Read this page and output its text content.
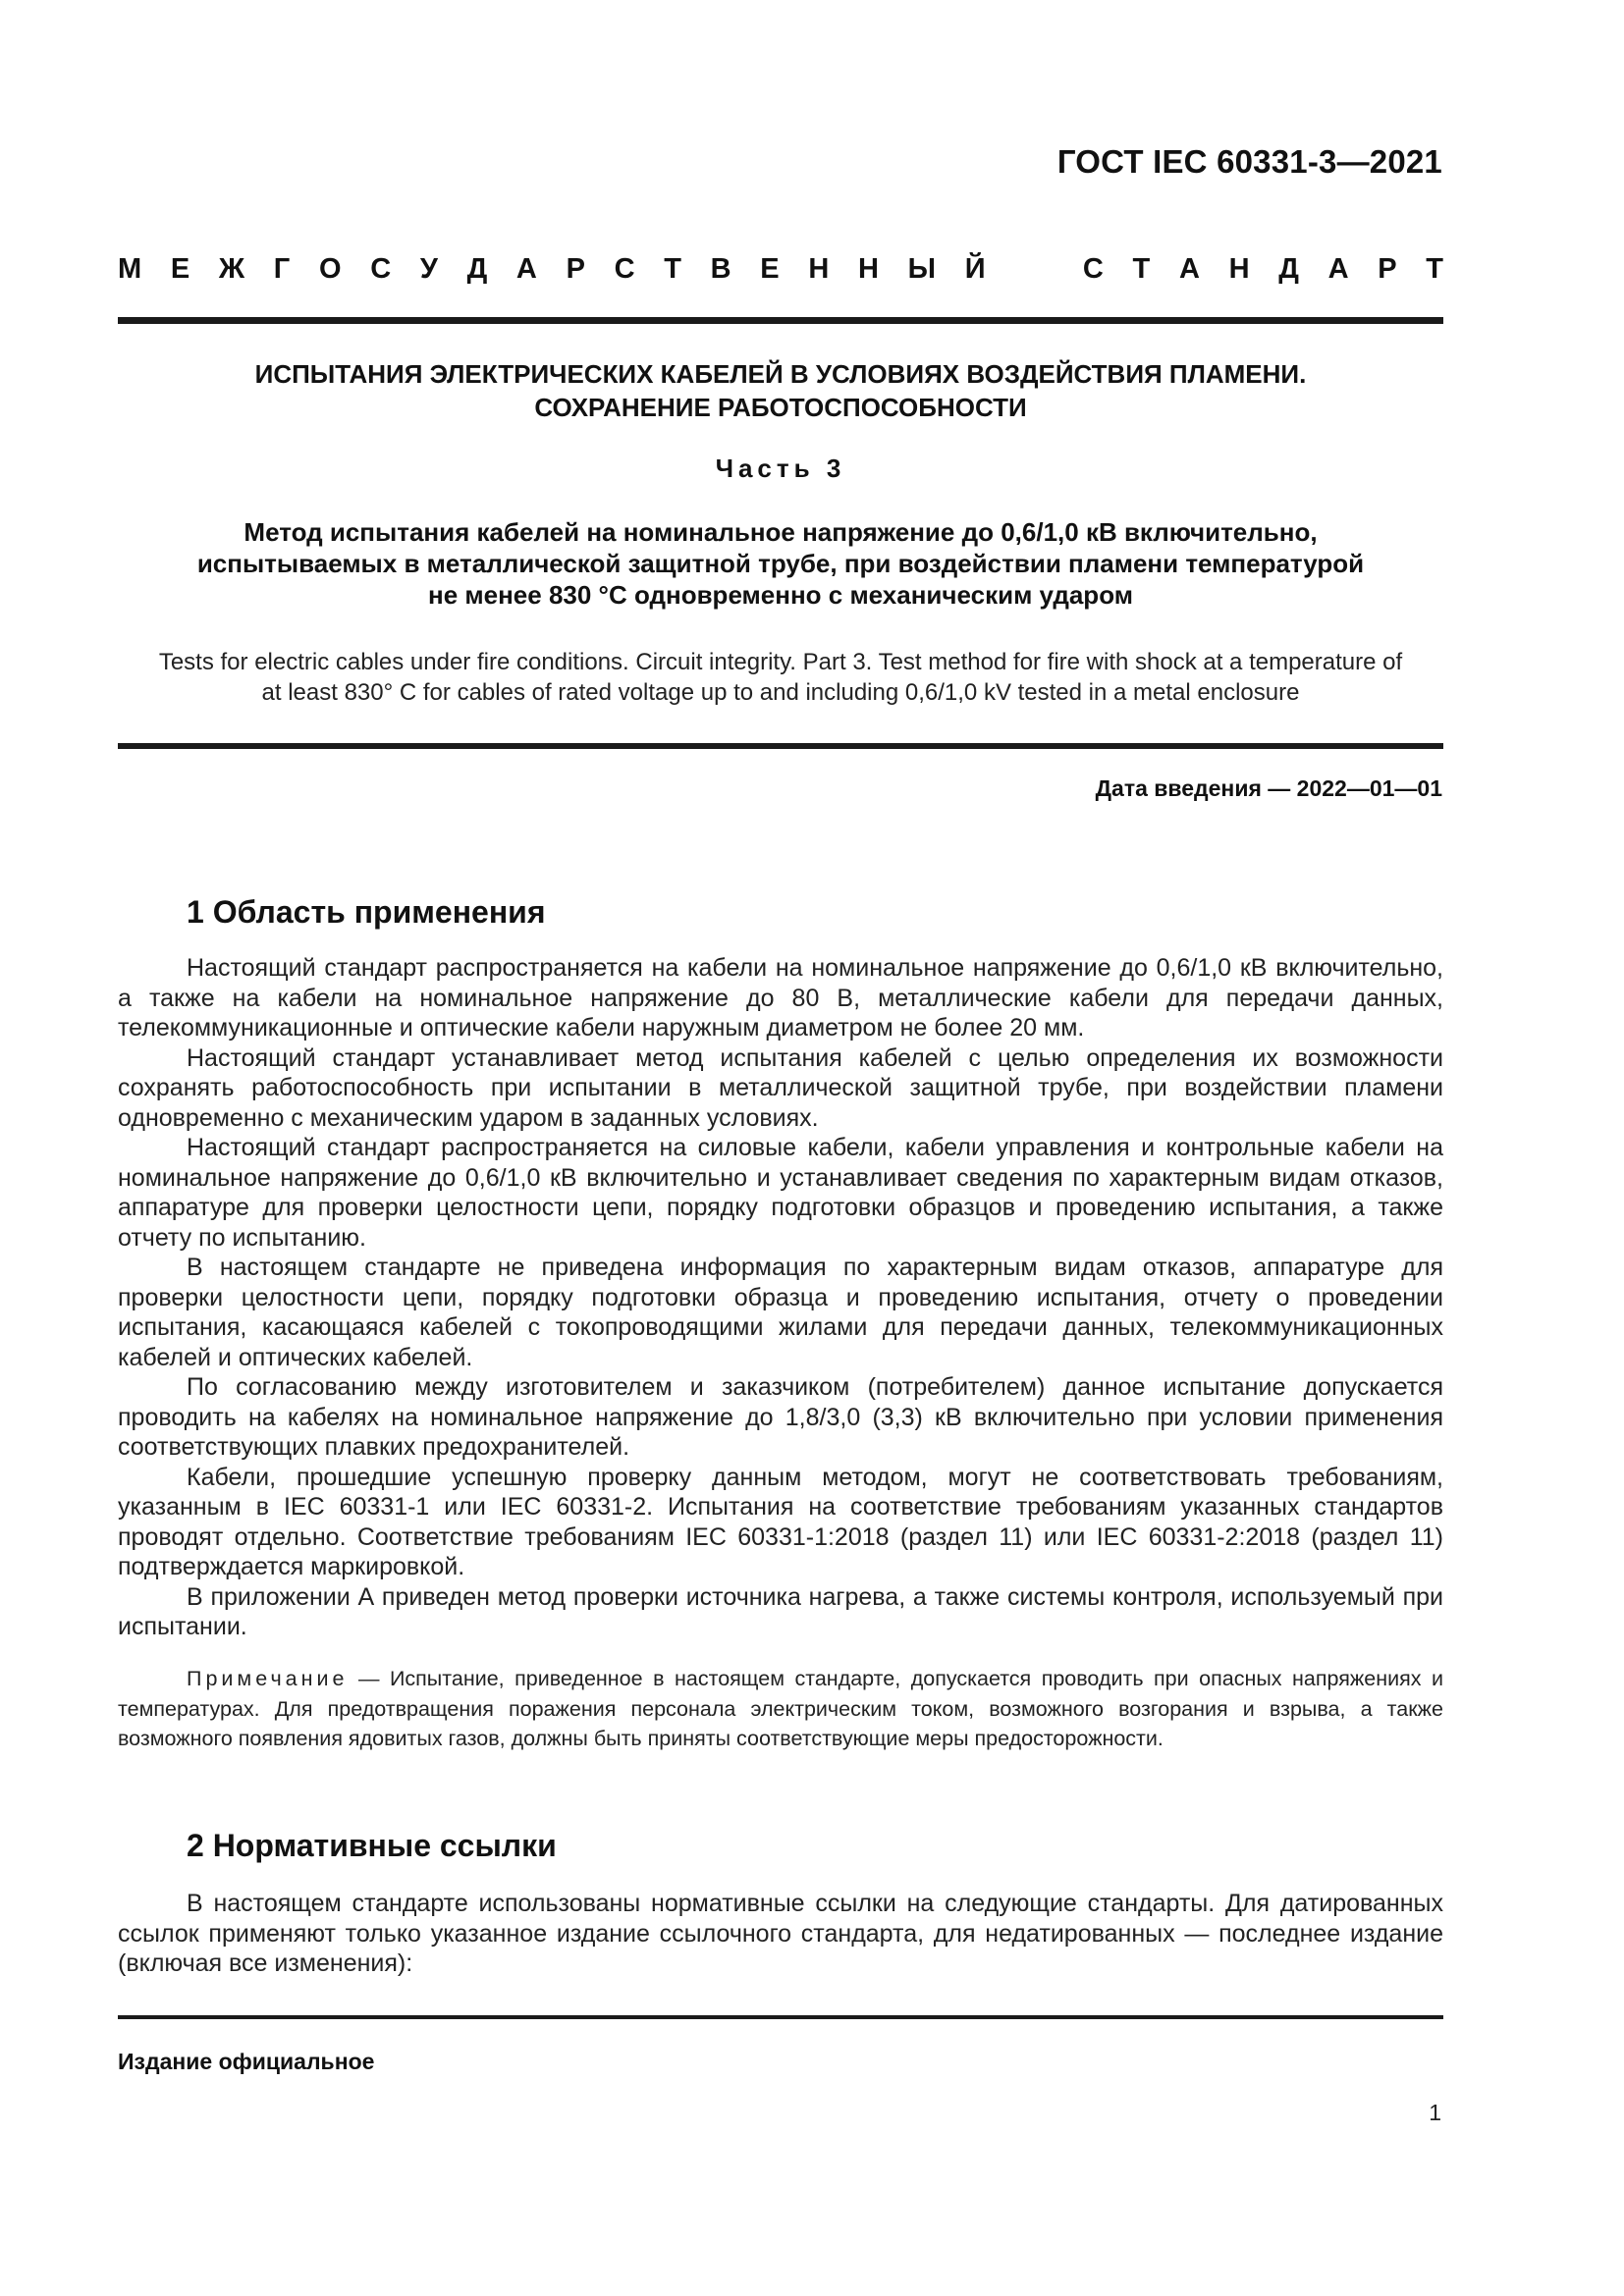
ГОСТ IEC 60331-3—2021
М Е Ж Г О С У Д А Р С Т В Е Н Н Ы Й	С Т А Н Д А Р Т
ИСПЫТАНИЯ ЭЛЕКТРИЧЕСКИХ КАБЕЛЕЙ В УСЛОВИЯХ ВОЗДЕЙСТВИЯ ПЛАМЕНИ.
СОХРАНЕНИЕ РАБОТОСПОСОБНОСТИ
Часть 3
Метод испытания кабелей на номинальное напряжение до 0,6/1,0 кВ включительно,
испытываемых в металлической защитной трубе, при воздействии пламени температурой
не менее 830 °С одновременно с механическим ударом
Tests for electric cables under fire conditions. Circuit integrity. Part 3. Test method for fire with shock at a temperature of
at least 830° C for cables of rated voltage up to and including 0,6/1,0 kV tested in a metal enclosure
Дата введения — 2022—01—01
1 Область применения

Настоящий стандарт распространяется на кабели на номинальное напряжение до 0,6/1,0 кВ включительно, а также на кабели на номинальное напряжение до 80 В, металлические кабели для передачи данных, телекоммуникационные и оптические кабели наружным диаметром не более 20 мм.

Настоящий стандарт устанавливает метод испытания кабелей с целью определения их возможности сохранять работоспособность при испытании в металлической защитной трубе, при воздействии пламени одновременно с механическим ударом в заданных условиях.

Настоящий стандарт распространяется на силовые кабели, кабели управления и контрольные кабели на номинальное напряжение до 0,6/1,0 кВ включительно и устанавливает сведения по характерным видам отказов, аппаратуре для проверки целостности цепи, порядку подготовки образцов и проведению испытания, а также отчету по испытанию.

В настоящем стандарте не приведена информация по характерным видам отказов, аппаратуре для проверки целостности цепи, порядку подготовки образца и проведению испытания, отчету о проведении испытания, касающаяся кабелей с токопроводящими жилами для передачи данных, телекоммуникационных кабелей и оптических кабелей.

По согласованию между изготовителем и заказчиком (потребителем) данное испытание допускается проводить на кабелях на номинальное напряжение до 1,8/3,0 (3,3) кВ включительно при условии применения соответствующих плавких предохранителей.

Кабели, прошедшие успешную проверку данным методом, могут не соответствовать требованиям, указанным в IEC 60331-1 или IEC 60331-2. Испытания на соответствие требованиям указанных стандартов проводят отдельно. Соответствие требованиям IEC 60331-1:2018 (раздел 11) или IEC 60331-2:2018 (раздел 11) подтверждается маркировкой.

В приложении А приведен метод проверки источника нагрева, а также системы контроля, используемый при испытании.

Примечание — Испытание, приведенное в настоящем стандарте, допускается проводить при опасных напряжениях и температурах. Для предотвращения поражения персонала электрическим током, возможного возгорания и взрыва, а также возможного появления ядовитых газов, должны быть приняты соответствующие меры предосторожности.

2 Нормативные ссылки

В настоящем стандарте использованы нормативные ссылки на следующие стандарты. Для датированных ссылок применяют только указанное издание ссылочного стандарта, для недатированных — последнее издание (включая все изменения):

Издание официальное
1
